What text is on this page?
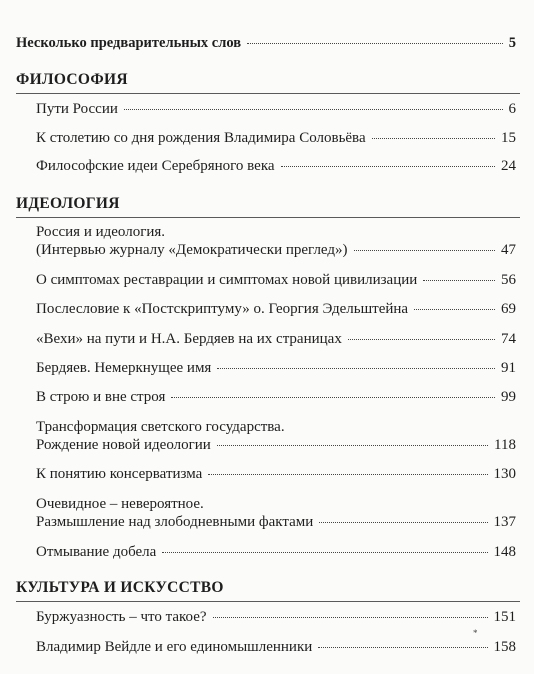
Несколько предварительных слов	5
ФИЛОСОФИЯ
Пути России	6
К столетию со дня рождения Владимира Соловьёва	15
Философские идеи Серебряного века	24
ИДЕОЛОГИЯ
Россия и идеология.
(Интервью журналу «Демократически преглед»)	47
О симптомах реставрации и симптомах новой цивилизации	56
Послесловие к «Постскриптуму» о. Георгия Эдельштейна	69
«Вехи» на пути и Н.А. Бердяев на их страницах	74
Бердяев. Немеркнущее имя	91
В строю и вне строя	99
Трансформация светского государства.
Рождение новой идеологии	118
К понятию консерватизма	130
Очевидное – невероятное.
Размышление над злободневными фактами	137
Отмывание добела	148
КУЛЬТУРА И ИСКУССТВО
Буржуазность – что такое?	151
Владимир Вейдле и его единомышленники	158
*
